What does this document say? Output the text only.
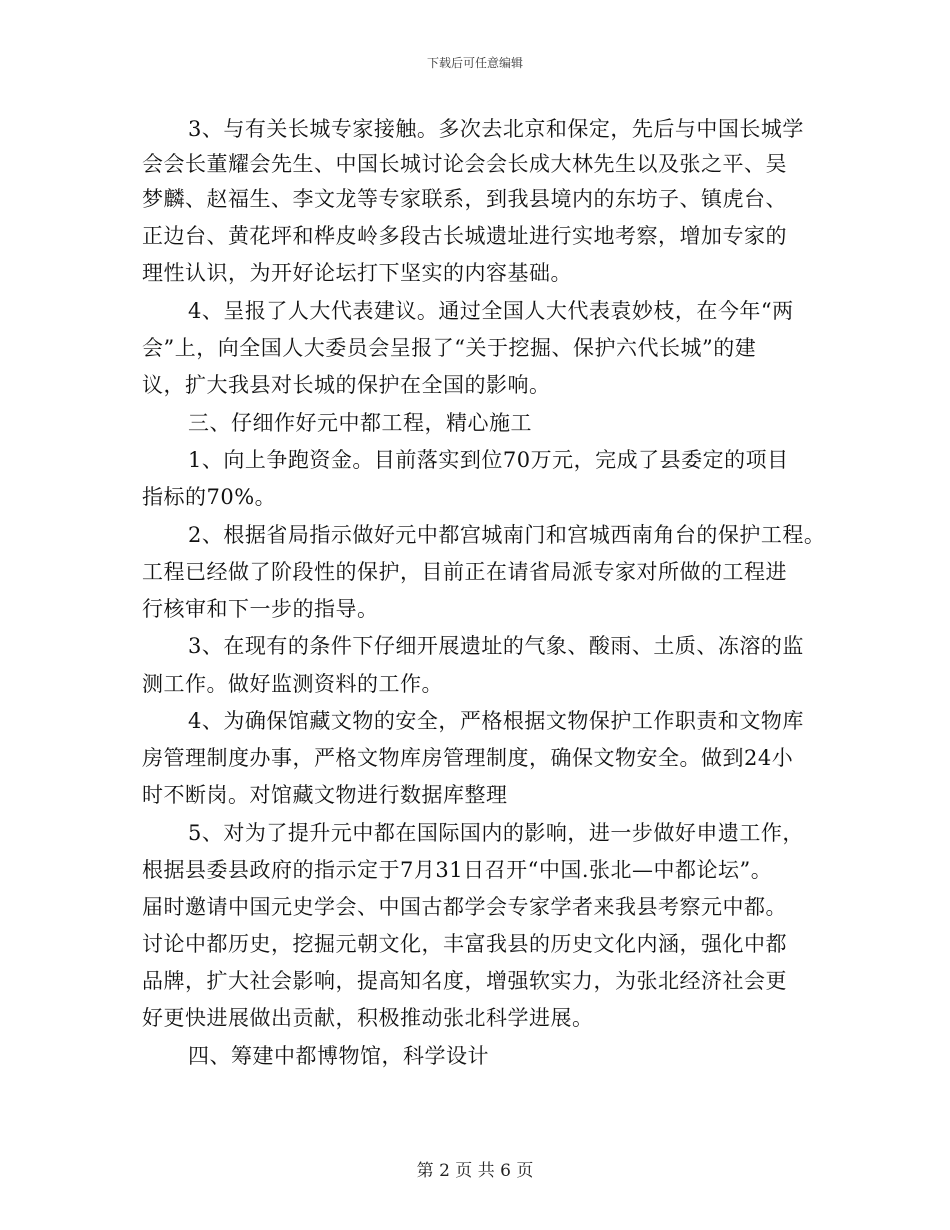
下载后可任意编辑
3、与有关长城专家接触。多次去北京和保定，先后与中国长城学
会会长董耀会先生、中国长城讨论会会长成大林先生以及张之平、吴
梦麟、赵福生、李文龙等专家联系，到我县境内的东坊子、镇虎台、
正边台、黄花坪和桦皮岭多段古长城遗址进行实地考察，增加专家的
理性认识，为开好论坛打下坚实的内容基础。
4、呈报了人大代表建议。通过全国人大代表袁妙枝，在今年“两
会”上，向全国人大委员会呈报了“关于挖掘、保护六代长城”的建
议，扩大我县对长城的保护在全国的影响。
三、仔细作好元中都工程，精心施工
1、向上争跑资金。目前落实到位70万元，完成了县委定的项目
指标的70%。
2、根据省局指示做好元中都宫城南门和宫城西南角台的保护工程。
工程已经做了阶段性的保护，目前正在请省局派专家对所做的工程进
行核审和下一步的指导。
3、在现有的条件下仔细开展遗址的气象、酸雨、土质、冻溶的监
测工作。做好监测资料的工作。
4、为确保馆藏文物的安全，严格根据文物保护工作职责和文物库
房管理制度办事，严格文物库房管理制度，确保文物安全。做到24小
时不断岗。对馆藏文物进行数据库整理
5、对为了提升元中都在国际国内的影响，进一步做好申遗工作，
根据县委县政府的指示定于7月31日召开“中国.张北—中都论坛”。
届时邀请中国元史学会、中国古都学会专家学者来我县考察元中都。
讨论中都历史，挖掘元朝文化，丰富我县的历史文化内涵，强化中都
品牌，扩大社会影响，提高知名度，增强软实力，为张北经济社会更
好更快进展做出贡献，积极推动张北科学进展。
四、筹建中都博物馆，科学设计
第 2 页 共 6 页
